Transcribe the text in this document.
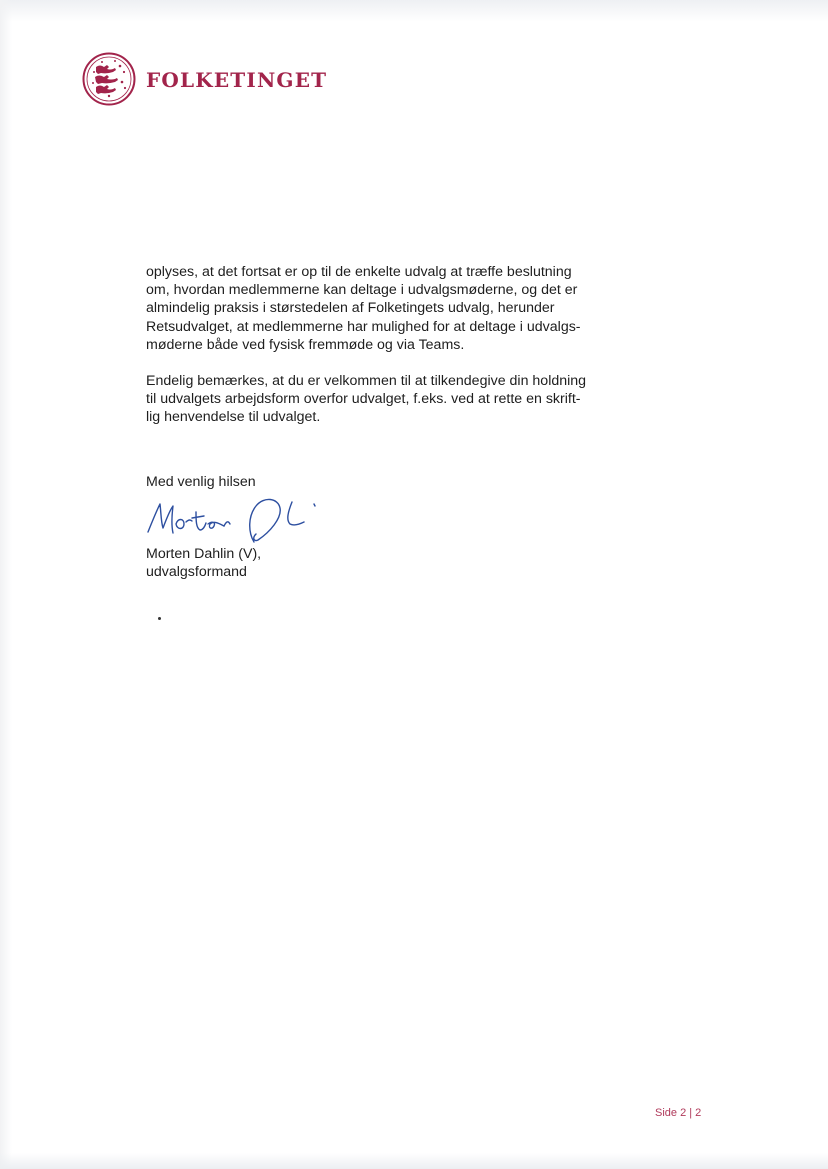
FOLKETINGET

oplyses, at det fortsat er op til de enkelte udvalg at træffe beslutning
om, hvordan medlemmerne kan deltage i udvalgsmøderne, og det er
almindelig praksis i størstedelen af Folketingets udvalg, herunder
Retsudvalget, at medlemmerne har mulighed for at deltage i udvalgs-
møderne både ved fysisk fremmøde og via Teams.

Endelig bemærkes, at du er velkommen til at tilkendegive din holdning
til udvalgets arbejdsform overfor udvalget, f.eks. ved at rette en skrift-
lig henvendelse til udvalget.

Med venlig hilsen
Morten Dahlin (V),
udvalgsformand
Side 2 | 2
